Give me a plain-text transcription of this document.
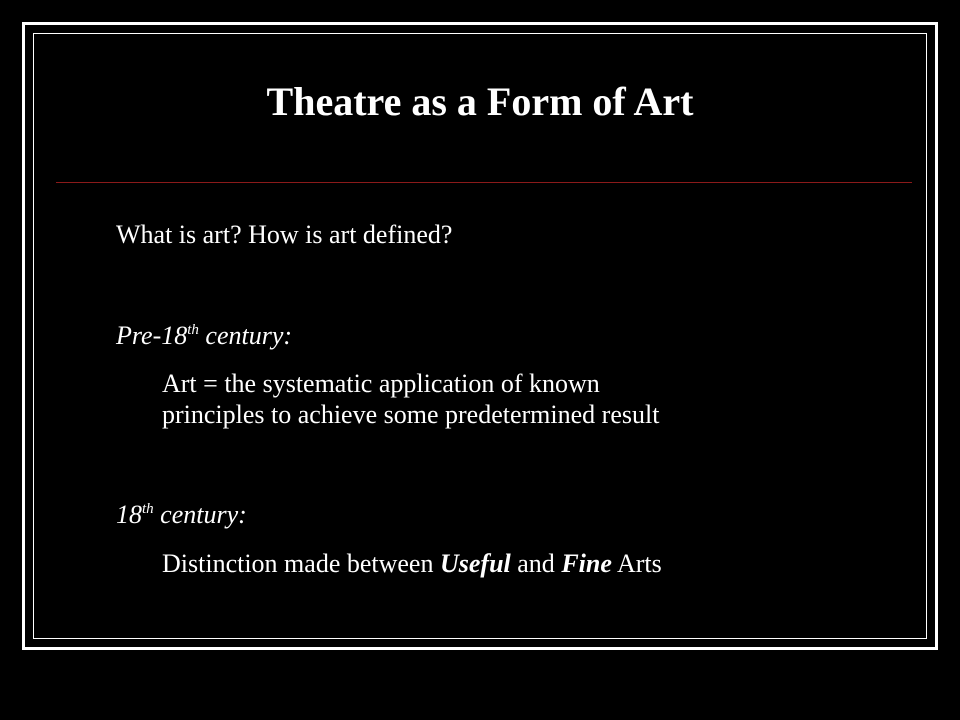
Theatre as a Form of Art
What is art? How is art defined?
Pre-18th century:
Art = the systematic application of known
principles to achieve some predetermined result
18th century:
Distinction made between Useful and Fine Arts
